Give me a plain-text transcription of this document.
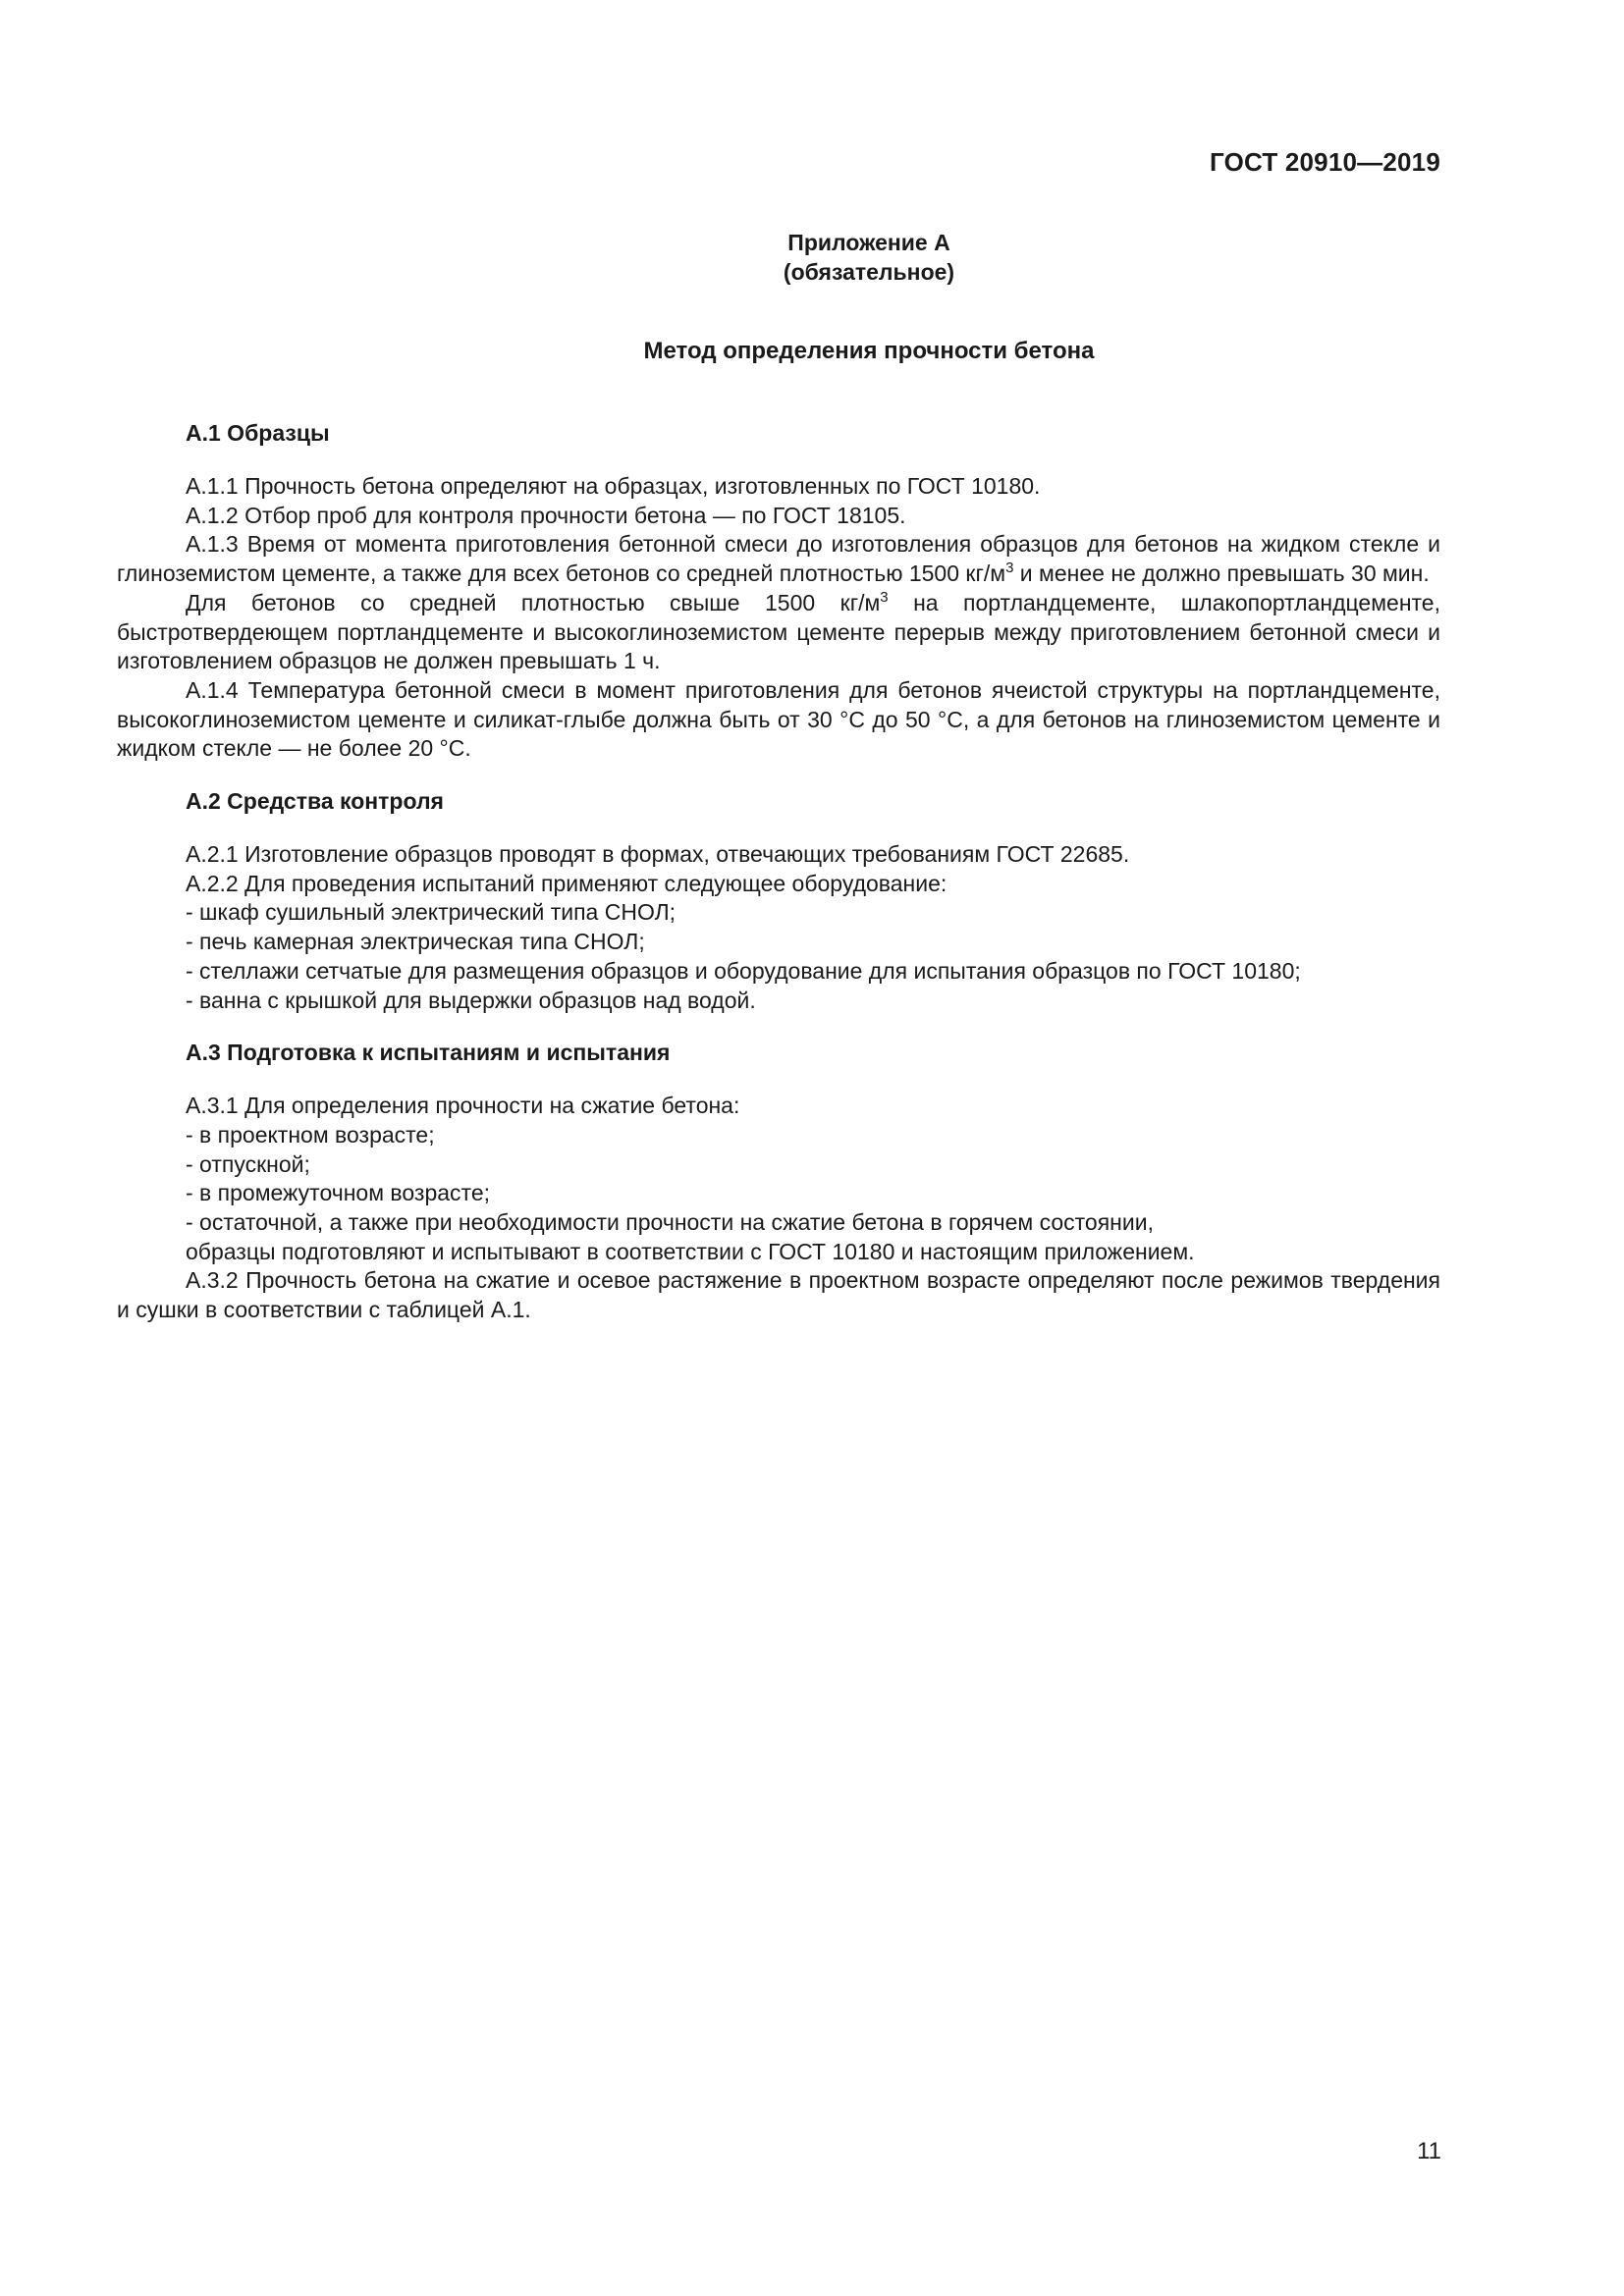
ГОСТ 20910—2019
Приложение А
(обязательное)
Метод определения прочности бетона

А.1 Образцы

А.1.1 Прочность бетона определяют на образцах, изготовленных по ГОСТ 10180.

А.1.2 Отбор проб для контроля прочности бетона — по ГОСТ 18105.

А.1.3 Время от момента приготовления бетонной смеси до изготовления образцов для бетонов на жидком стекле и глиноземистом цементе, а также для всех бетонов со средней плотностью 1500 $кг/м^3$ и менее не должно превышать 30 мин.

Для бетонов со средней плотностью свыше 1500 $кг/м^3$ на портландцементе, шлакопортландцементе, быстротвердеющем портландцементе и высокоглиноземистом цементе перерыв между приготовлением бетонной смеси и изготовлением образцов не должен превышать 1 ч.

А.1.4 Температура бетонной смеси в момент приготовления для бетонов ячеистой структуры на портландцементе, высокоглиноземистом цементе и силикат-глыбе должна быть от 30 °С до 50 °С, а для бетонов на глиноземистом цементе и жидком стекле — не более 20 °С.

А.2 Средства контроля

А.2.1 Изготовление образцов проводят в формах, отвечающих требованиям ГОСТ 22685.

А.2.2 Для проведения испытаний применяют следующее оборудование:

- шкаф сушильный электрический типа СНОЛ;

- печь камерная электрическая типа СНОЛ;

- стеллажи сетчатые для размещения образцов и оборудование для испытания образцов по ГОСТ 10180;

- ванна с крышкой для выдержки образцов над водой.

А.3 Подготовка к испытаниям и испытания

А.3.1 Для определения прочности на сжатие бетона:

- в проектном возрасте;

- отпускной;

- в промежуточном возрасте;

- остаточной, а также при необходимости прочности на сжатие бетона в горячем состоянии,

образцы подготовляют и испытывают в соответствии с ГОСТ 10180 и настоящим приложением.

А.3.2 Прочность бетона на сжатие и осевое растяжение в проектном возрасте определяют после режимов твердения и сушки в соответствии с таблицей А.1.

11
